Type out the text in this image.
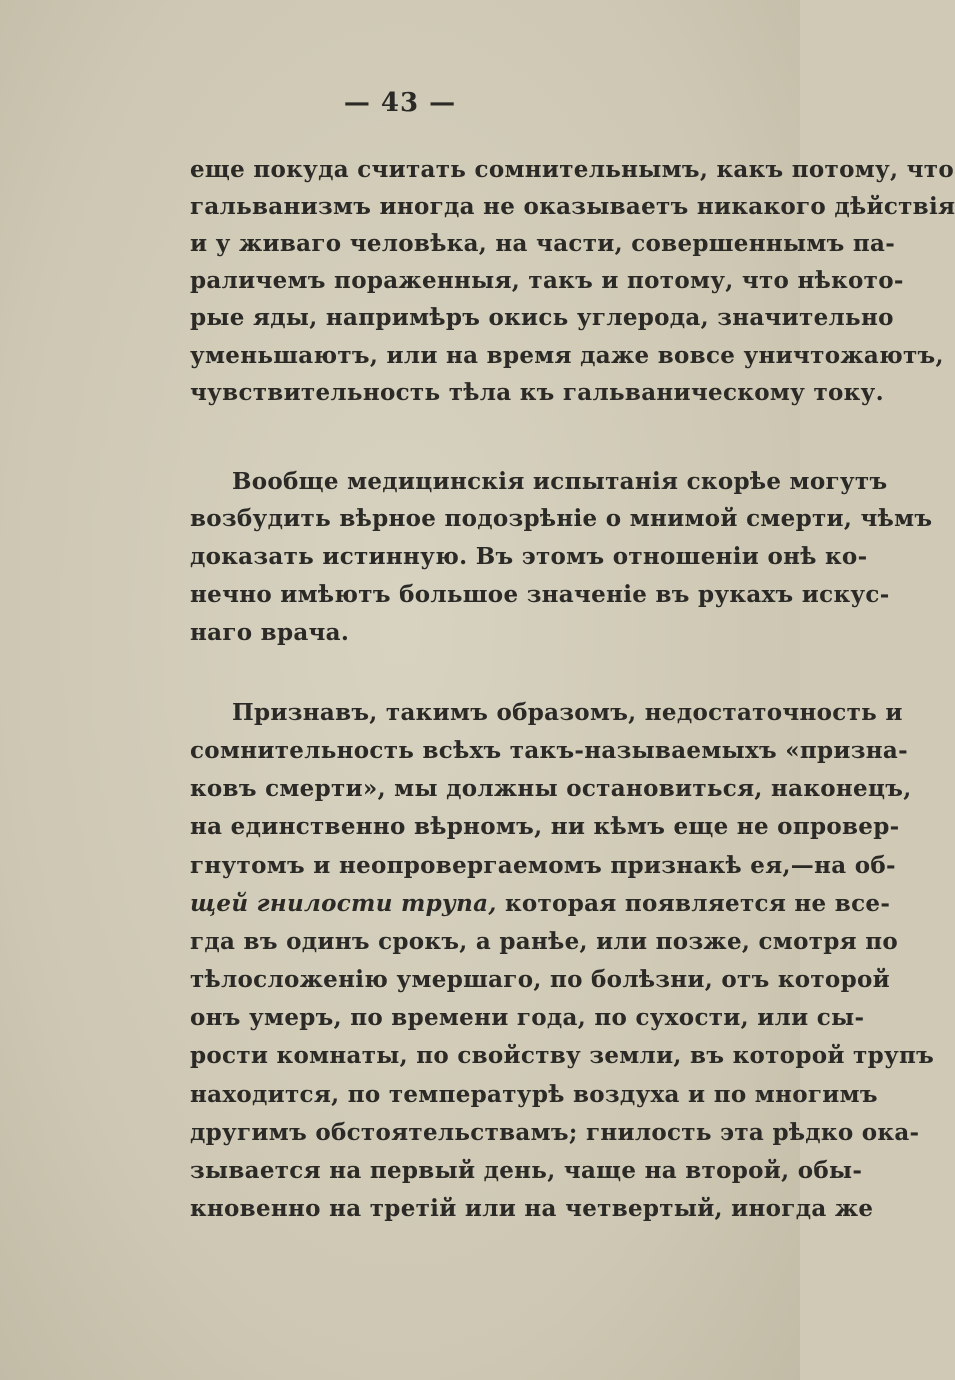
— 43 —
еще покуда считать сомнительнымъ, какъ потому, что
гальванизмъ иногда не оказываетъ никакого дѣйствія
и у живаго человѣка, на части, совершеннымъ па-
раличемъ пораженныя, такъ и потому, что нѣкото-
рые яды, напримѣръ окись углерода, значительно
уменьшаютъ, или на время даже вовсе уничтожаютъ,
чувствительность тѣла къ гальваническому току.
Вообще медицинскія испытанія скорѣе могутъ
возбудить вѣрное подозрѣніе о мнимой смерти, чѣмъ
доказать истинную. Въ этомъ отношеніи онѣ ко-
нечно имѣютъ большое значеніе въ рукахъ искус-
наго врача.
Признавъ, такимъ образомъ, недостаточность и
сомнительность всѣхъ такъ-называемыхъ «призна-
ковъ смерти», мы должны остановиться, наконецъ,
на единственно вѣрномъ, ни кѣмъ еще не опровер-
гнутомъ и неопровергаемомъ признакѣ ея,—на об-
щей гнилости трупа, которая появляется не все-
гда въ одинъ срокъ, а ранѣе, или позже, смотря по
тѣлосложенію умершаго, по болѣзни, отъ которой
онъ умеръ, по времени года, по сухости, или сы-
рости комнаты, по свойству земли, въ которой трупъ
находится, по температурѣ воздуха и по многимъ
другимъ обстоятельствамъ; гнилость эта рѣдко ока-
зывается на первый день, чаще на второй, обы-
кновенно на третій или на четвертый, иногда же
